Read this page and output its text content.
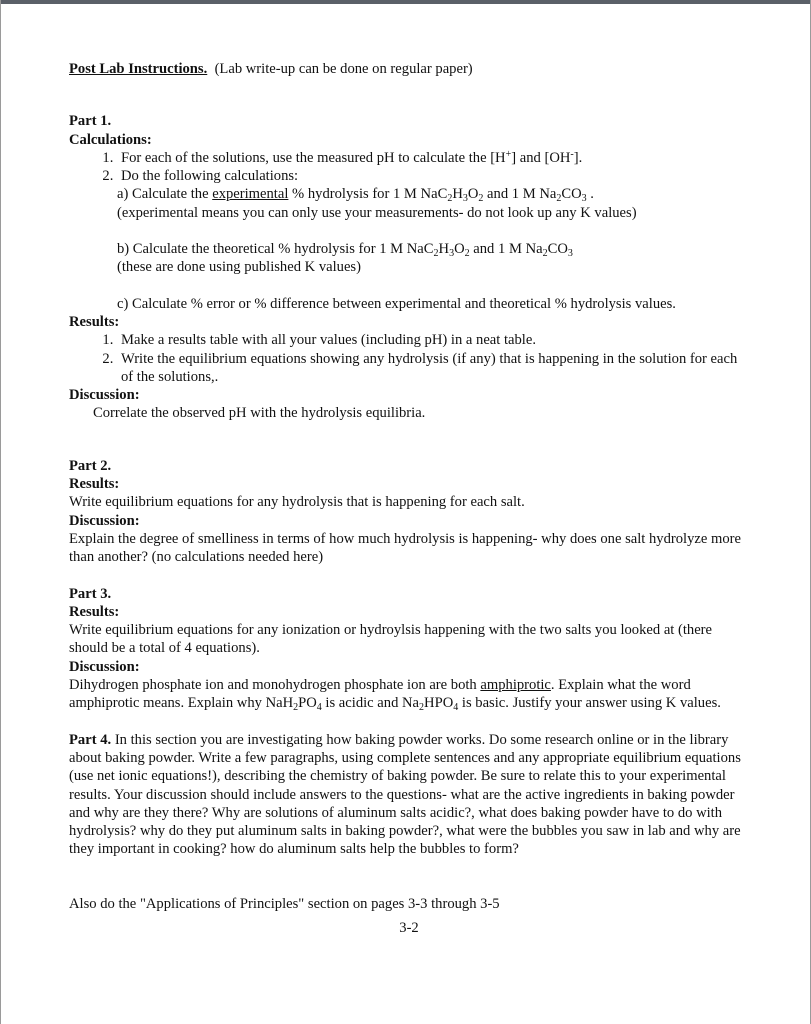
Post Lab Instructions. (Lab write-up can be done on regular paper)

Part 1.

Calculations:

1. For each of the solutions, use the measured pH to calculate the [H+] and [OH-].
2. Do the following calculations:
a) Calculate the experimental % hydrolysis for 1 M $NaC_2H_3O_2$ and 1 M $Na_2CO_3$ .
(experimental means you can only use your measurements- do not look up any K values)
b) Calculate the theoretical % hydrolysis for 1 M $NaC_2H_3O_2$ and 1 M $Na_2CO_3$
(these are done using published K values)
c) Calculate % error or % difference between experimental and theoretical % hydrolysis values.

Results:

1. Make a results table with all your values (including pH) in a neat table.
2. Write the equilibrium equations showing any hydrolysis (if any) that is happening in the solution for each of the solutions,.

Discussion:

Correlate the observed pH with the hydrolysis equilibria.

Part 2.

Results:

Write equilibrium equations for any hydrolysis that is happening for each salt.

Discussion:

Explain the degree of smelliness in terms of how much hydrolysis is happening- why does one salt hydrolyze more than another? (no calculations needed here)

Part 3.

Results:

Write equilibrium equations for any ionization or hydroylsis happening with the two salts you looked at (there should be a total of 4 equations).

Discussion:

Dihydrogen phosphate ion and monohydrogen phosphate ion are both amphiprotic. Explain what the word amphiprotic means. Explain why $NaH_2PO_4$ is acidic and $Na_2HPO_4$ is basic. Justify your answer using K values.

Part 4. In this section you are investigating how baking powder works. Do some research online or in the library about baking powder. Write a few paragraphs, using complete sentences and any appropriate equilibrium equations (use net ionic equations!), describing the chemistry of baking powder. Be sure to relate this to your experimental results. Your discussion should include answers to the questions- what are the active ingredients in baking powder and why are they there? Why are solutions of aluminum salts acidic?, what does baking powder have to do with hydrolysis? why do they put aluminum salts in baking powder?, what were the bubbles you saw in lab and why are they important in cooking? how do aluminum salts help the bubbles to form?

Also do the "Applications of Principles" section on pages 3-3 through 3-5

3-2
